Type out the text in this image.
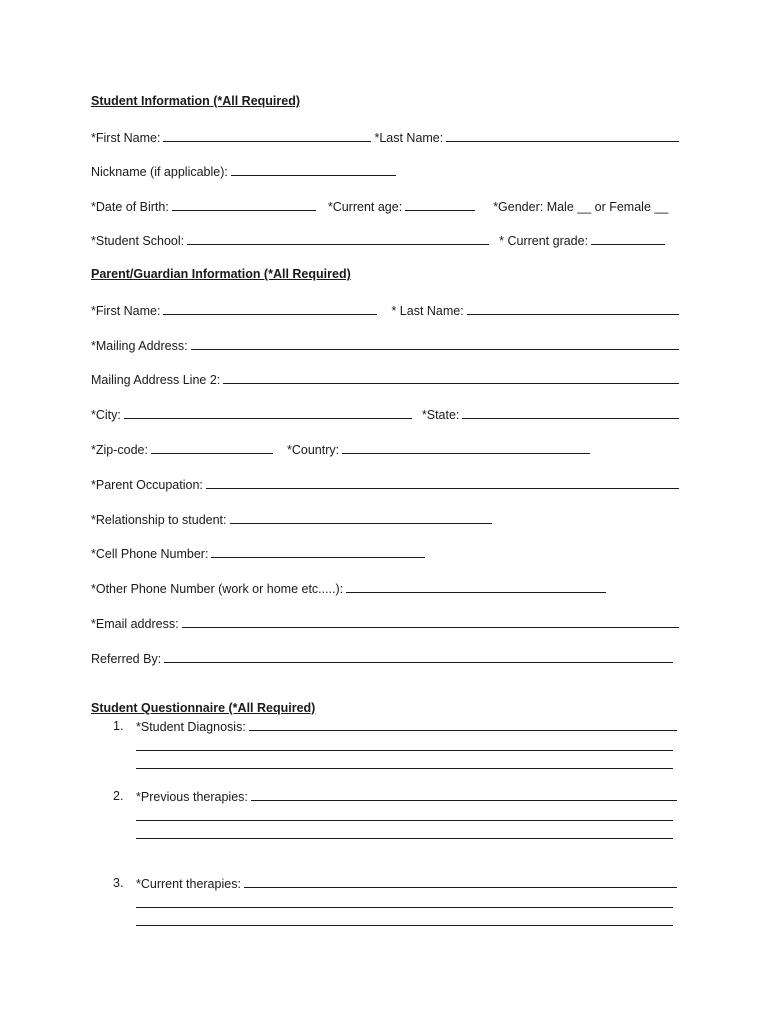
Student Information (*All Required)
*First Name:	*Last Name:
Nickname (if applicable):
*Date of Birth:	*Current age:	*Gender: Male __ or Female __
*Student School:	* Current grade:
Parent/Guardian Information (*All Required)
*First Name:	* Last Name:
*Mailing Address:
Mailing Address Line 2:
*City:	*State:
*Zip-code:	*Country:
*Parent Occupation:
*Relationship to student:
*Cell Phone Number:
*Other Phone Number (work or home etc.....):
*Email address:
Referred By:
Student Questionnaire (*All Required)
1.	*Student Diagnosis:
2.	*Previous therapies:
3.	*Current therapies:
